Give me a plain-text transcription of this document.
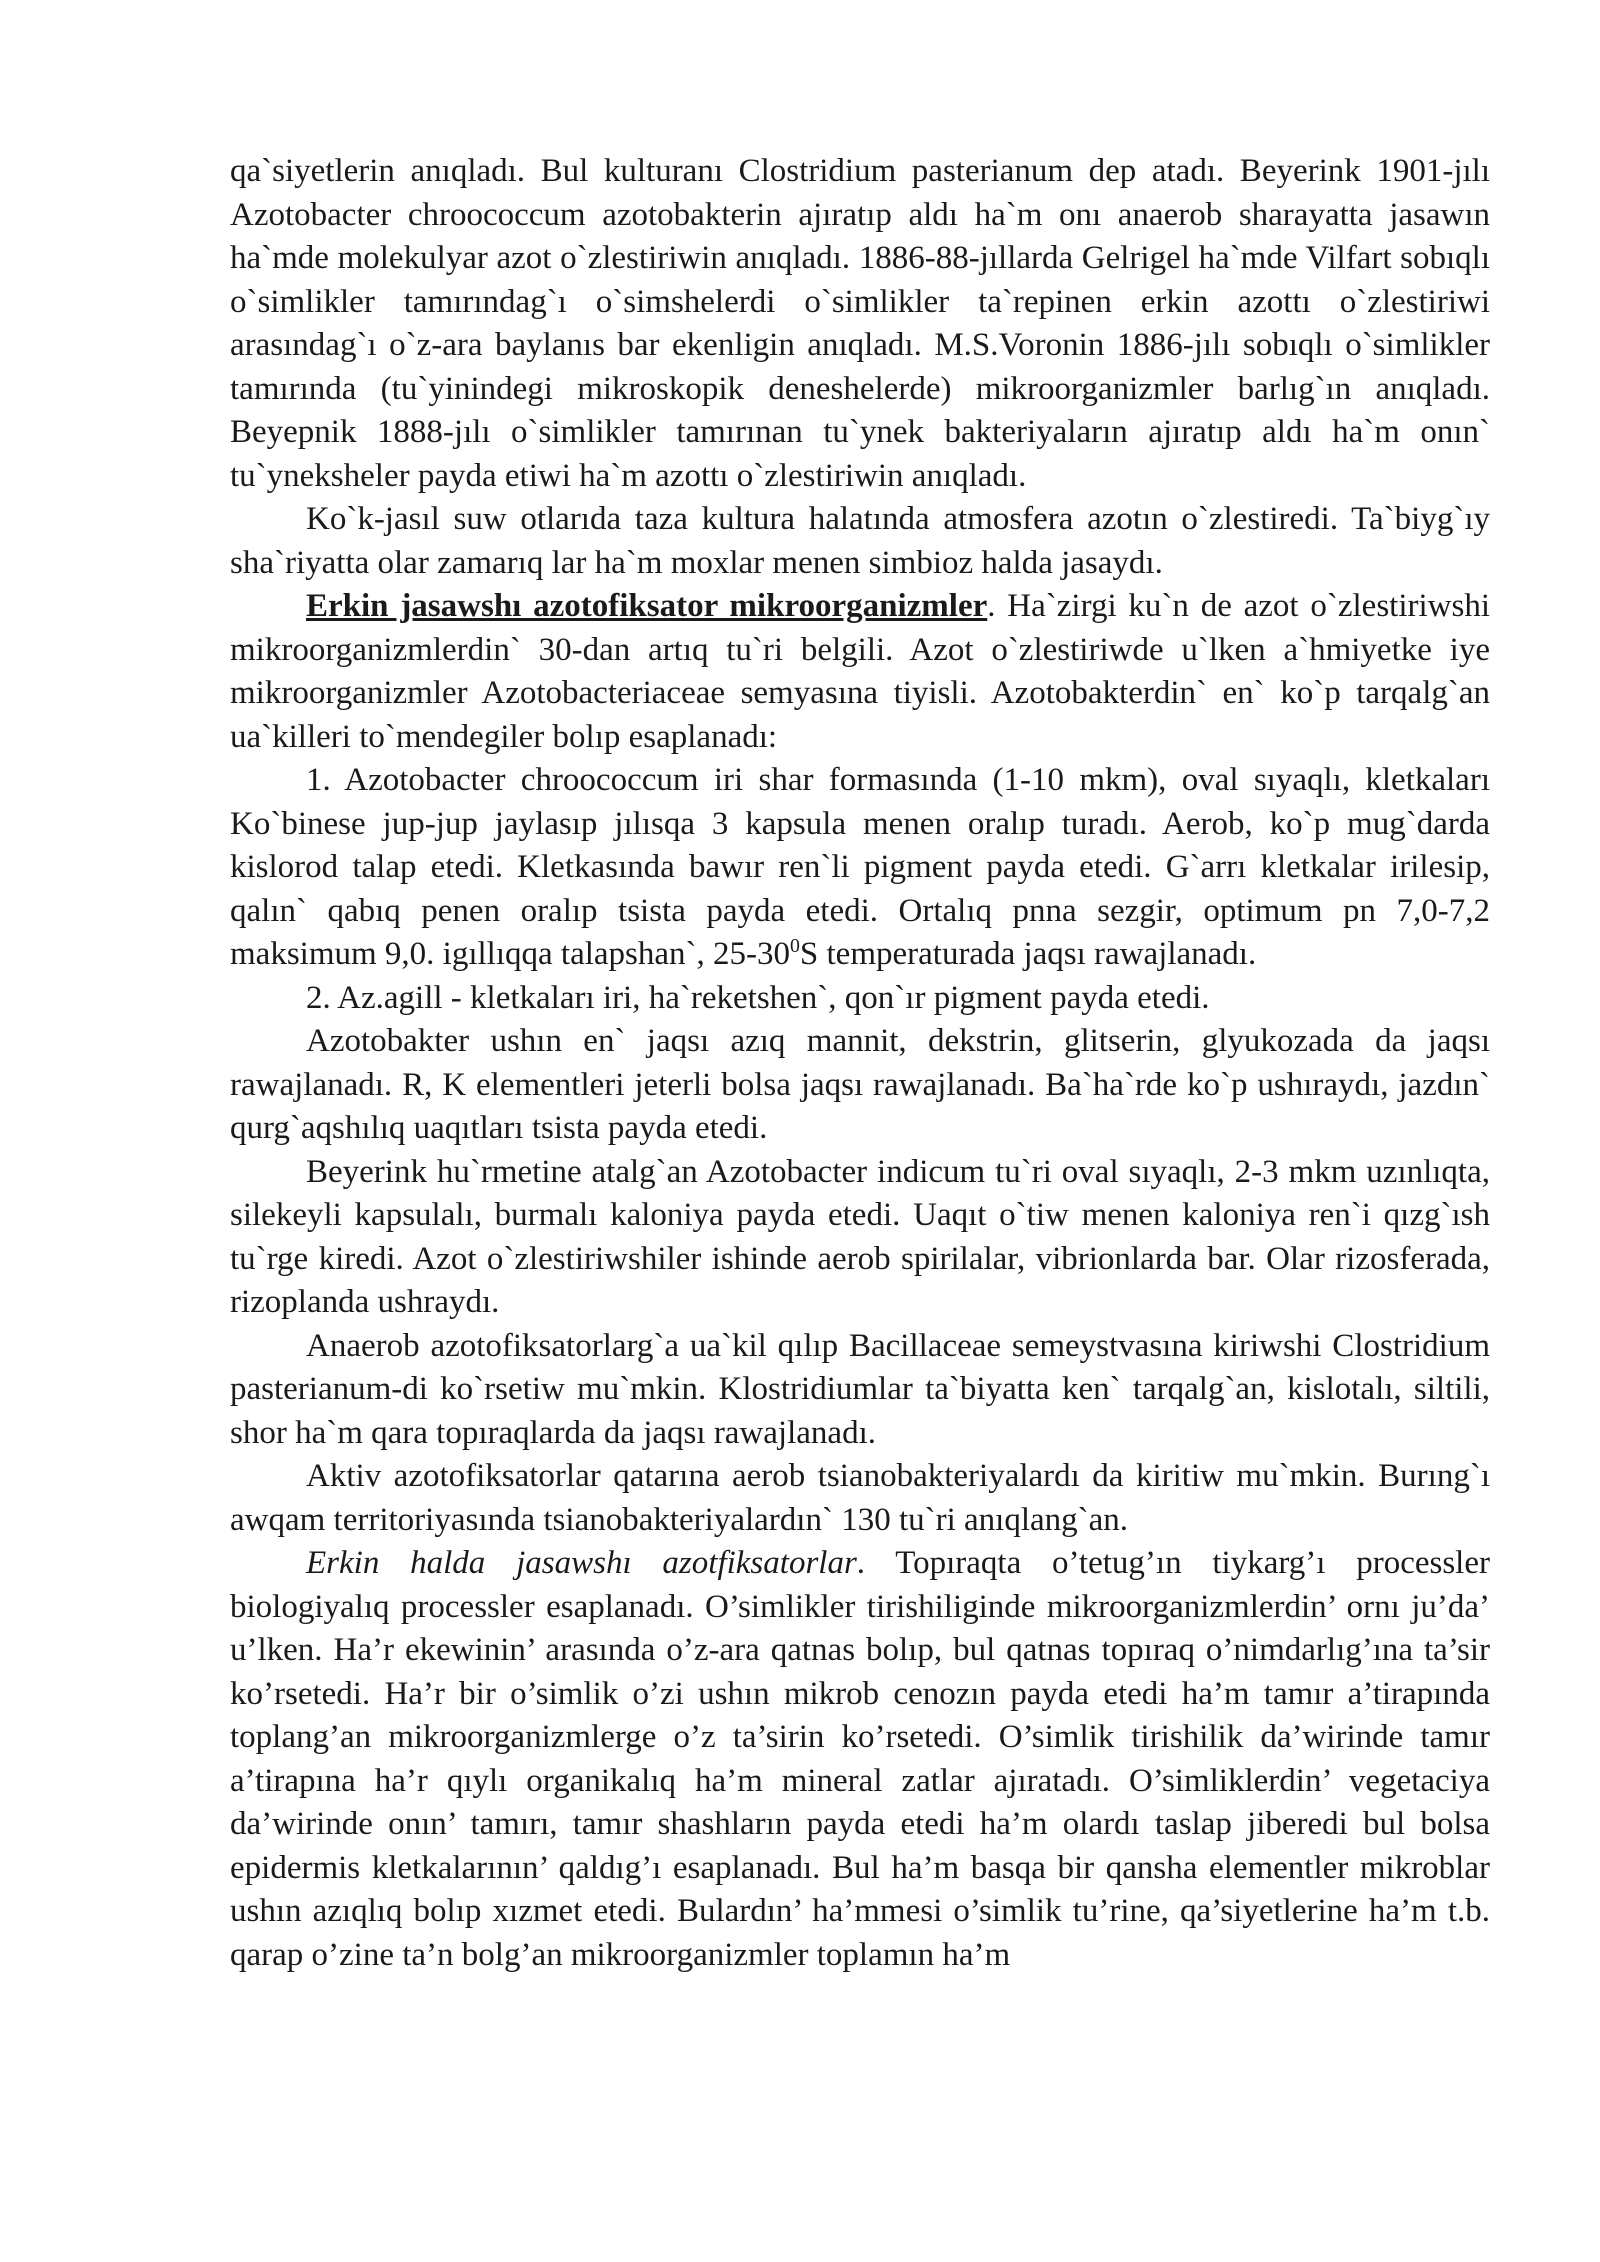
qa`siyetlerin anıqladı. Bul kulturanı Clostridium pasterianum dep atadı. Beyerink 1901-jılı Azotobacter chroococcum azotobakterin ajıratıp aldı ha`m onı anaerob sharayatta jasawın ha`mde molekulyar azot o`zlestiriwin anıqladı. 1886-88-jıllarda Gelrigel ha`mde Vilfart sobıqlı o`simlikler tamırındag`ı o`simshelerdi o`simlikler ta`repinen erkin azottı o`zlestiriwi arasındag`ı o`z-ara baylanıs bar ekenligin anıqladı. M.S.Voronin 1886-jılı sobıqlı o`simlikler tamırında (tu`yinindegi mikroskopik deneshelerde) mikroorganizmler barlıg`ın anıqladı. Beyepnik 1888-jılı o`simlikler tamırınan tu`ynek bakteriyaların ajıratıp aldı ha`m onın` tu`yneksheler payda etiwi ha`m azottı o`zlestiriwin anıqladı.

Ko`k-jasıl suw otlarıda taza kultura halatında atmosfera azotın o`zlestiredi. Ta`biyg`ıy sha`riyatta olar zamarıq lar ha`m moxlar menen simbioz halda jasaydı.

Erkin jasawshı azotofiksator mikroorganizmler. Ha`zirgi ku`n de azot o`zlestiriwshi mikroorganizmlerdin` 30-dan artıq tu`ri belgili. Azot o`zlestiriwde u`lken a`hmiyetke iye mikroorganizmler Azotobacteriaceae semyasına tiyisli. Azotobakterdin` en` ko`p tarqalg`an ua`killeri to`mendegiler bolıp esaplanadı:

1. Azotobacter chroococcum iri shar formasında (1-10 mkm), oval sıyaqlı, kletkaları Ko`binese jup-jup jaylasıp jılısqa 3 kapsula menen oralıp turadı. Aerob, ko`p mug`darda kislorod talap etedi. Kletkasında bawır ren`li pigment payda etedi. G`arrı kletkalar irilesip, qalın` qabıq penen oralıp tsista payda etedi. Ortalıq pnna sezgir, optimum pn 7,0-7,2 maksimum 9,0. igıllıqqa talapshan`, $25-30^0S$ temperaturada jaqsı rawajlanadı.

2. Az.agill - kletkaları iri, ha`reketshen`, qon`ır pigment payda etedi.

Azotobakter ushın en` jaqsı azıq mannit, dekstrin, glitserin, glyukozada da jaqsı rawajlanadı. R, K elementleri jeterli bolsa jaqsı rawajlanadı. Ba`ha`rde ko`p ushıraydı, jazdın` qurg`aqshılıq uaqıtları tsista payda etedi.

Beyerink hu`rmetine atalg`an Azotobacter indicum tu`ri oval sıyaqlı, 2-3 mkm uzınlıqta, silekeyli kapsulalı, burmalı kaloniya payda etedi. Uaqıt o`tiw menen kaloniya ren`i qızg`ısh tu`rge kiredi. Azot o`zlestiriwshiler ishinde aerob spirilalar, vibrionlarda bar. Olar rizosferada, rizoplanda ushraydı.

Anaerob azotofiksatorlarg`a ua`kil qılıp Bacillaceae semeystvasına kiriwshi Clostridium pasterianum-di ko`rsetiw mu`mkin. Klostridiumlar ta`biyatta ken` tarqalg`an, kislotalı, siltili, shor ha`m qara topıraqlarda da jaqsı rawajlanadı.

Aktiv azotofiksatorlar qatarına aerob tsianobakteriyalardı da kiritiw mu`mkin. Burıng`ı awqam territoriyasında tsianobakteriyalardın` 130 tu`ri anıqlang`an.

Erkin halda jasawshı azotfiksatorlar. Topıraqta o’tetug’ın tiykarg’ı processler biologiyalıq processler esaplanadı. O’simlikler tirishiliginde mikroorganizmlerdin’ ornı ju’da’ u’lken. Ha’r ekewinin’ arasında o’z-ara qatnas bolıp, bul qatnas topıraq o’nimdarlıg’ına ta’sir ko’rsetedi. Ha’r bir o’simlik o’zi ushın mikrob cenozın payda etedi ha’m tamır a’tirapında toplang’an mikroorganizmlerge o’z ta’sirin ko’rsetedi. O’simlik tirishilik da’wirinde tamır a’tirapına ha’r qıylı organikalıq ha’m mineral zatlar ajıratadı. O’simliklerdin’ vegetaciya da’wirinde onın’ tamırı, tamır shashların payda etedi ha’m olardı taslap jiberedi bul bolsa epidermis kletkalarının’ qaldıg’ı esaplanadı. Bul ha’m basqa bir qansha elementler mikroblar ushın azıqlıq bolıp xızmet etedi. Bulardın’ ha’mmesi o’simlik tu’rine, qa’siyetlerine ha’m t.b. qarap o’zine ta’n bolg’an mikroorganizmler toplamın ha’m
